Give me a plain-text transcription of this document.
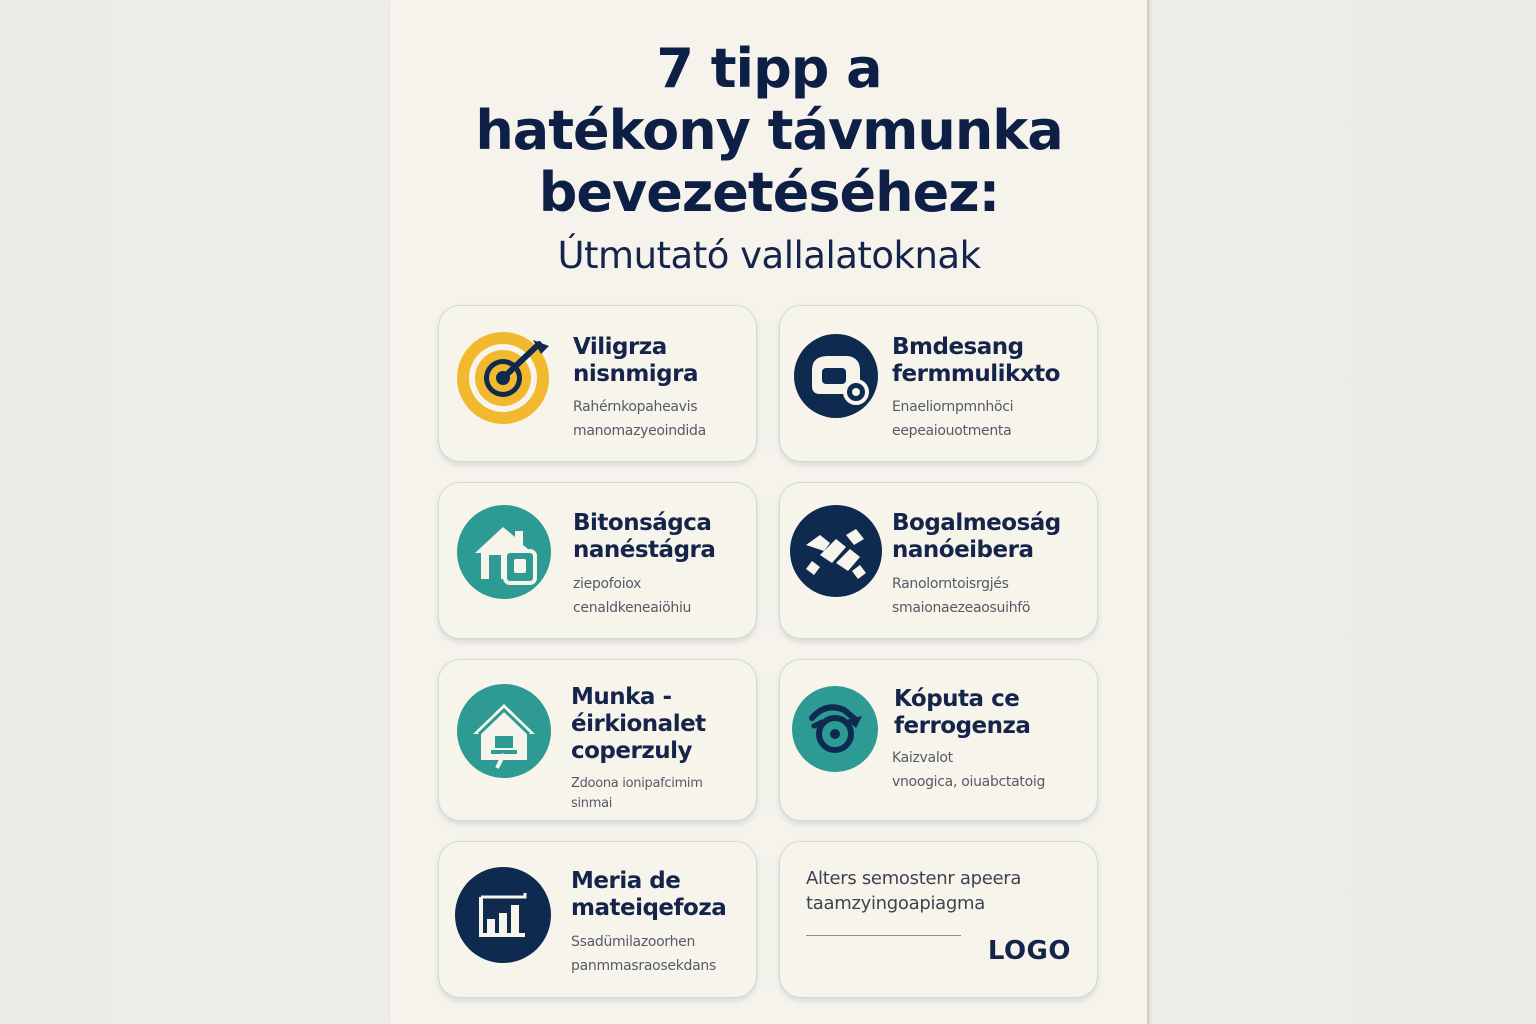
7 tipp a
hatékony távmunka
bevezetéséhez:
Útmutató vallalatoknak
Viligrza
nisnmigra
Rahérnkopaheavis
manomazyeoindida
Bmdesang
fermmulikxto
Enaeliornpmnhöci
eepeaiouotmenta
Bitonságca
nanéstágra
ziepofoiox
cenaldkeneaiöhiu
Bogalmeoság
nanóeibera
Ranolorntoisrgjés
smaionaezeaosuihfö
Munka -
éirkionalet
coperzuly
Zdoona ionipafcimim
sinmai
Kóputa ce
ferrogenza
Kaizvalot
vnoogica, oiuabctatoig
Meria de
mateiqefoza
Ssadümilazoorhen
panmmasraosekdans
Alters semostenr apeera
taamzyingoapiagma
LOGO
